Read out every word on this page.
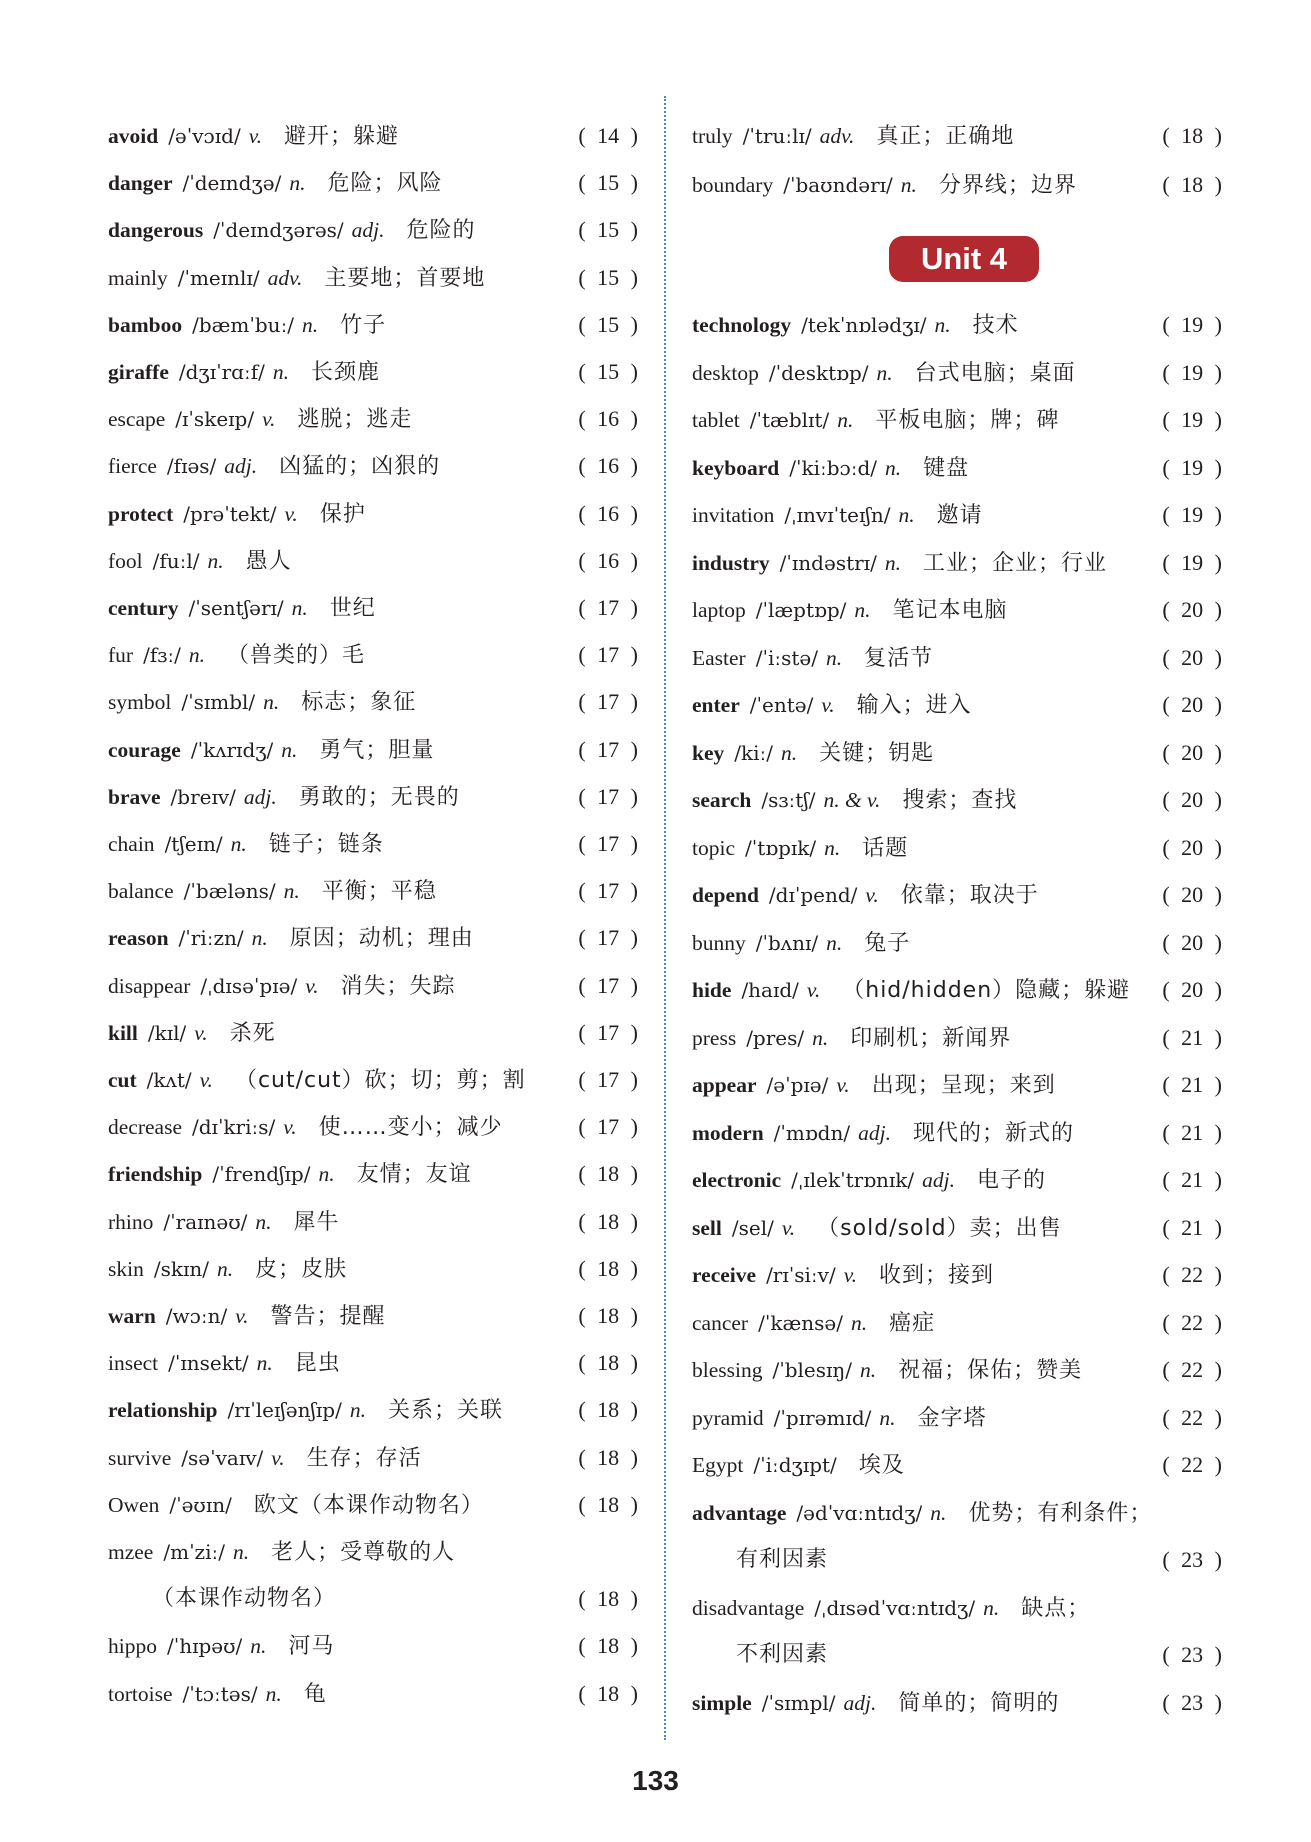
avoid /əˈvɔɪd/ v. 避开；躲避	( 14 )
danger /ˈdeɪndʒə/ n. 危险；风险	( 15 )
dangerous /ˈdeɪndʒərəs/ adj. 危险的	( 15 )
mainly /ˈmeɪnlɪ/ adv. 主要地；首要地	( 15 )
bamboo /bæmˈbuː/ n. 竹子	( 15 )
giraffe /dʒɪˈrɑːf/ n. 长颈鹿	( 15 )
escape /ɪˈskeɪp/ v. 逃脱；逃走	( 16 )
fierce /fɪəs/ adj. 凶猛的；凶狠的	( 16 )
protect /prəˈtekt/ v. 保护	( 16 )
fool /fuːl/ n. 愚人	( 16 )
century /ˈsentʃərɪ/ n. 世纪	( 17 )
fur /fɜː/ n. （兽类的）毛	( 17 )
symbol /ˈsɪmbl/ n. 标志；象征	( 17 )
courage /ˈkʌrɪdʒ/ n. 勇气；胆量	( 17 )
brave /breɪv/ adj. 勇敢的；无畏的	( 17 )
chain /tʃeɪn/ n. 链子；链条	( 17 )
balance /ˈbæləns/ n. 平衡；平稳	( 17 )
reason /ˈriːzn/ n. 原因；动机；理由	( 17 )
disappear /ˌdɪsəˈpɪə/ v. 消失；失踪	( 17 )
kill /kɪl/ v. 杀死	( 17 )
cut /kʌt/ v. （cut/cut）砍；切；剪；割 ( 17 )
decrease /dɪˈkriːs/ v. 使……变小；减少	( 17 )
friendship /ˈfrendʃɪp/ n. 友情；友谊	( 18 )
rhino /ˈraɪnəʊ/ n. 犀牛	( 18 )
skin /skɪn/ n. 皮；皮肤	( 18 )
warn /wɔːn/ v. 警告；提醒	( 18 )
insect /ˈɪnsekt/ n. 昆虫	( 18 )
relationship /rɪˈleɪʃənʃɪp/ n. 关系；关联	( 18 )
survive /səˈvaɪv/ v. 生存；存活	( 18 )
Owen /ˈəʊɪn/ 欧文（本课作动物名）	( 18 )
mzee /mˈziː/ n. 老人；受尊敬的人
（本课作动物名）	( 18 )
hippo /ˈhɪpəʊ/ n. 河马	( 18 )
tortoise /ˈtɔːtəs/ n. 龟	( 18 )
truly /ˈtruːlɪ/ adv. 真正；正确地	( 18 )
boundary /ˈbaʊndərɪ/ n. 分界线；边界	( 18 )
technology /tekˈnɒlədʒɪ/ n. 技术	( 19 )
desktop /ˈdesktɒp/ n. 台式电脑；桌面	( 19 )
tablet /ˈtæblɪt/ n. 平板电脑；牌；碑	( 19 )
keyboard /ˈkiːbɔːd/ n. 键盘	( 19 )
invitation /ˌɪnvɪˈteɪʃn/ n. 邀请	( 19 )
industry /ˈɪndəstrɪ/ n. 工业；企业；行业	( 19 )
laptop /ˈlæptɒp/ n. 笔记本电脑	( 20 )
Easter /ˈiːstə/ n. 复活节	( 20 )
enter /ˈentə/ v. 输入；进入	( 20 )
key /kiː/ n. 关键；钥匙	( 20 )
search /sɜːtʃ/ n. & v. 搜索；查找	( 20 )
topic /ˈtɒpɪk/ n. 话题	( 20 )
depend /dɪˈpend/ v. 依靠；取决于	( 20 )
bunny /ˈbʌnɪ/ n. 兔子	( 20 )
hide /haɪd/ v. （hid/hidden）隐藏；躲避 ( 20 )
press /pres/ n. 印刷机；新闻界	( 21 )
appear /əˈpɪə/ v. 出现；呈现；来到	( 21 )
modern /ˈmɒdn/ adj. 现代的；新式的	( 21 )
electronic /ˌɪlekˈtrɒnɪk/ adj. 电子的	( 21 )
sell /sel/ v. （sold/sold）卖；出售	( 21 )
receive /rɪˈsiːv/ v. 收到；接到	( 22 )
cancer /ˈkænsə/ n. 癌症	( 22 )
blessing /ˈblesɪŋ/ n. 祝福；保佑；赞美	( 22 )
pyramid /ˈpɪrəmɪd/ n. 金字塔	( 22 )
Egypt /ˈiːdʒɪpt/ 埃及	( 22 )
advantage /ədˈvɑːntɪdʒ/ n. 优势；有利条件；
有利因素	( 23 )
disadvantage /ˌdɪsədˈvɑːntɪdʒ/ n. 缺点；
不利因素	( 23 )
simple /ˈsɪmpl/ adj. 简单的；简明的	( 23 )
Unit 4
133
